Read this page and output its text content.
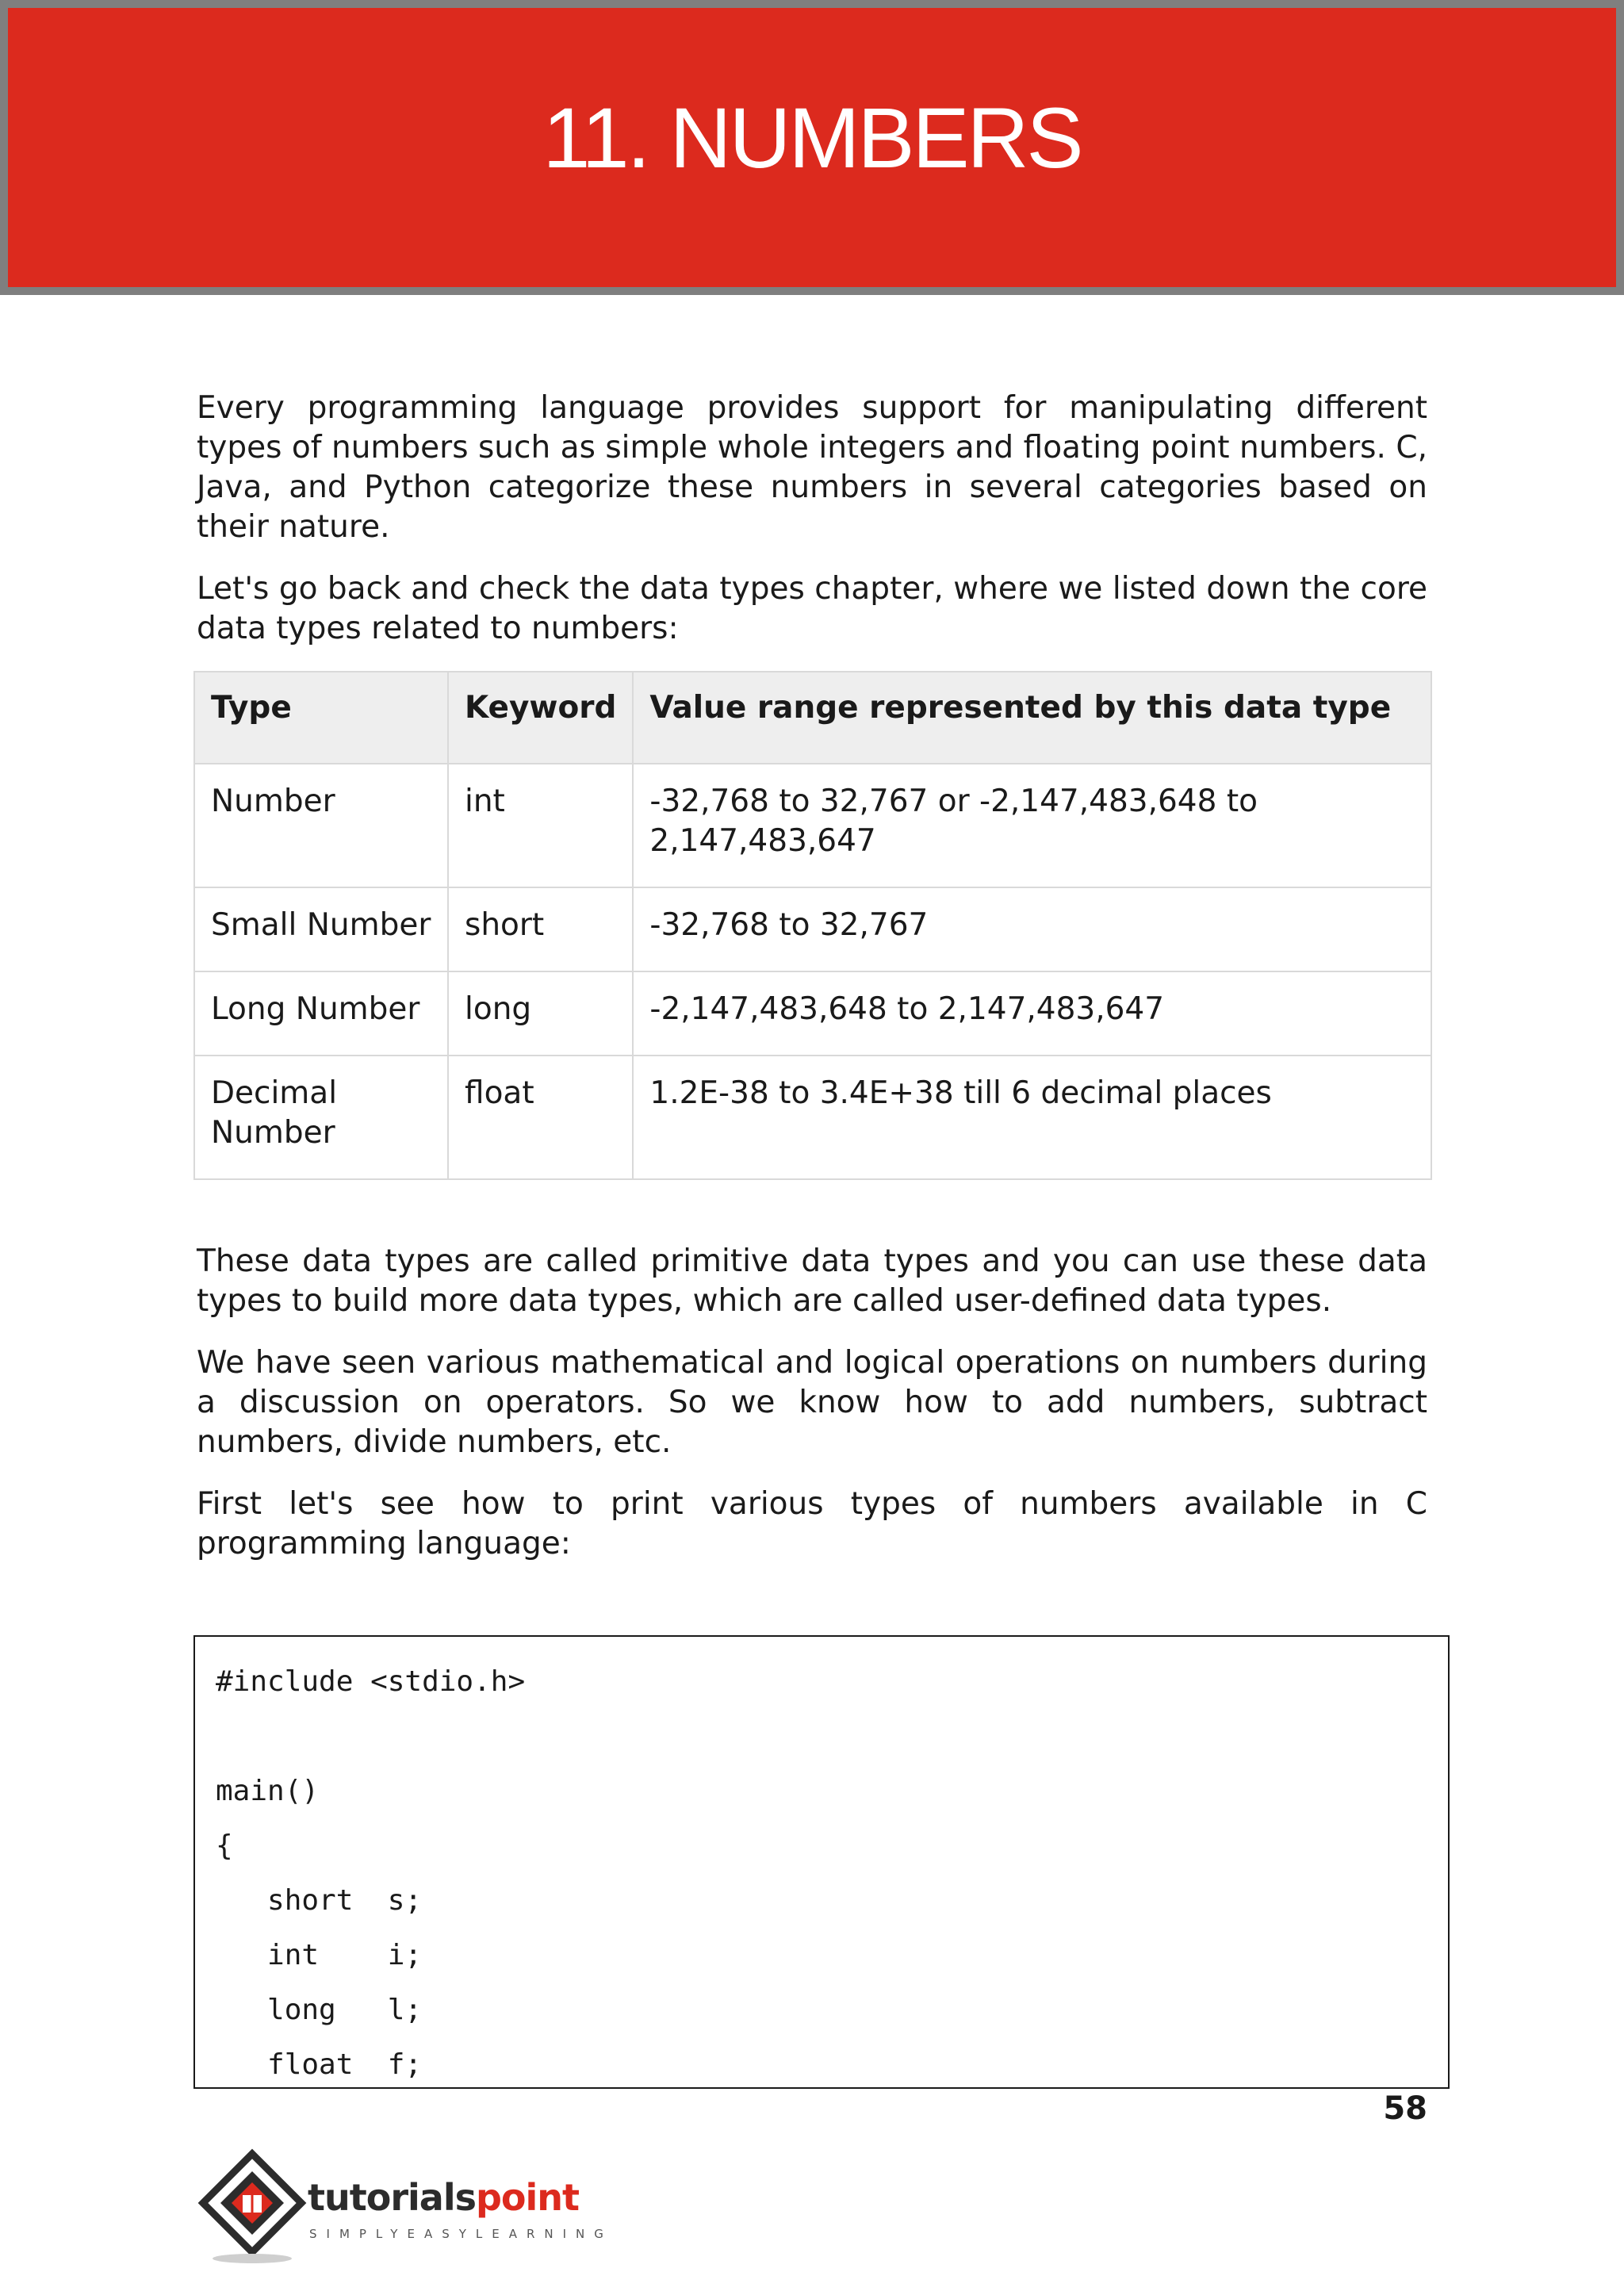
11. NUMBERS

Every programming language provides support for manipulating different types of numbers such as simple whole integers and floating point numbers. C, Java, and Python categorize these numbers in several categories based on their nature.

Let's go back and check the data types chapter, where we listed down the core data types related to numbers:

Type	Keyword	Value range represented by this data type
Number	int	-32,768 to 32,767 or -2,147,483,648 to 2,147,483,647
Small Number	short	-32,768 to 32,767
Long Number	long	-2,147,483,648 to 2,147,483,647
Decimal Number	float	1.2E-38 to 3.4E+38 till 6 decimal places

These data types are called primitive data types and you can use these data types to build more data types, which are called user-defined data types.

We have seen various mathematical and logical operations on numbers during a discussion on operators. So we know how to add numbers, subtract numbers, divide numbers, etc.

First let's see how to print various types of numbers available in C programming language:

#include <stdio.h>
main()
{
short  s;
int    i;
long   l;
float  f;
58
tutorialspoint
SIMPLYEASYLEARNING
